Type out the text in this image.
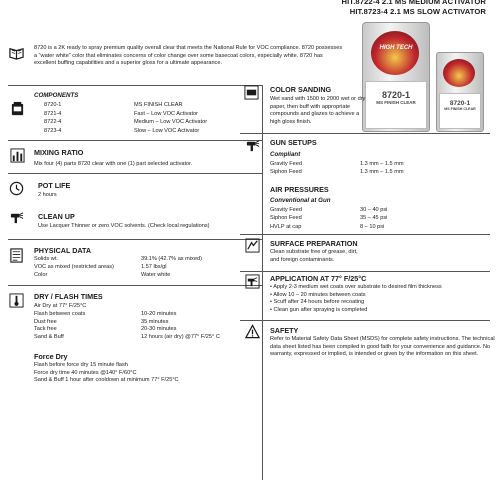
HIT.8722-4 2.1 MS MEDIUM ACTIVATOR
HIT.8723-4 2.1 MS SLOW ACTIVATOR
8720 is a 2K ready to spray premium quality overall clear that meets the National Rule for VOC compliance. 8720 possesses a “water white” color that eliminates concerns of color change over some basecoat colors, especially white. 8720 has excellent buffing capabilities and a superior gloss for a ultimate appearance.
HIGH TECH
8720-1
MS FINISH CLEAR	8720-1
MS FINISH CLEAR
COMPONENTS
8720-1	MS FINISH CLEAR
8721-4	Fast – Low VOC Activator
8722-4	Medium – Low VOC Activator
8723-4	Slow – Low VOC Activator
MIXING RATIO
Mix four (4) parts 8720 clear with one (1) part selected activator.
POT LIFE
2 hours
CLEAN UP
Use Lacquer Thinner or zero VOC solvents. (Check local regulations)
PHYSICAL DATA
Solids wt.	39.1% (42.7% as mixed)
VOC as mixed (restricted areas)	1.57 lbs/gl
Color	Water white
DRY / FLASH TIMES
Air Dry at 77° F/25°C
Flash between coats	10-20 minutes
Dust free	35 minutes
Tack free	20-30 minutes
Sand & Buff	12 hours (air dry) @77° F/25° C
Force Dry
Flash before force dry 15 minute flash
Force dry time 40 minutes @140° F/60°C
Sand & Buff 1 hour after cooldown at minimum 77° F/25°C
COLOR SANDING
Wet sand with 1500 to 2000 wet or dry paper, then buff with appropriate compounds and glazes to achieve a high gloss finish.
GUN SETUPS
Compliant
Gravity Feed	1.3 mm – 1.5 mm
Siphon Feed	1.3 mm – 1.5 mm
AIR PRESSURES
Conventional at Gun
Gravity Feed	30 – 40 psi
Siphon Feed	35 – 45 psi
HVLP at cap	8 – 10 psi
SURFACE PREPARATION
Clean substrate free of grease, dirt, and foreign contaminants.
APPLICATION AT 77° F/25°C
• Apply 2-3 medium wet coats over substrate to desired film thickness
• Allow 10 – 20 minutes between coats
• Scuff after 24 hours before recoating
• Clean gun after spraying is completed
SAFETY
Refer to Material Safety Data Sheet (MSDS) for complete safety instructions. The technical data sheet listed has been compiled in good faith for your convenience and guidance. No warranty, expressed or implied, is intended or given by the information on this sheet.
